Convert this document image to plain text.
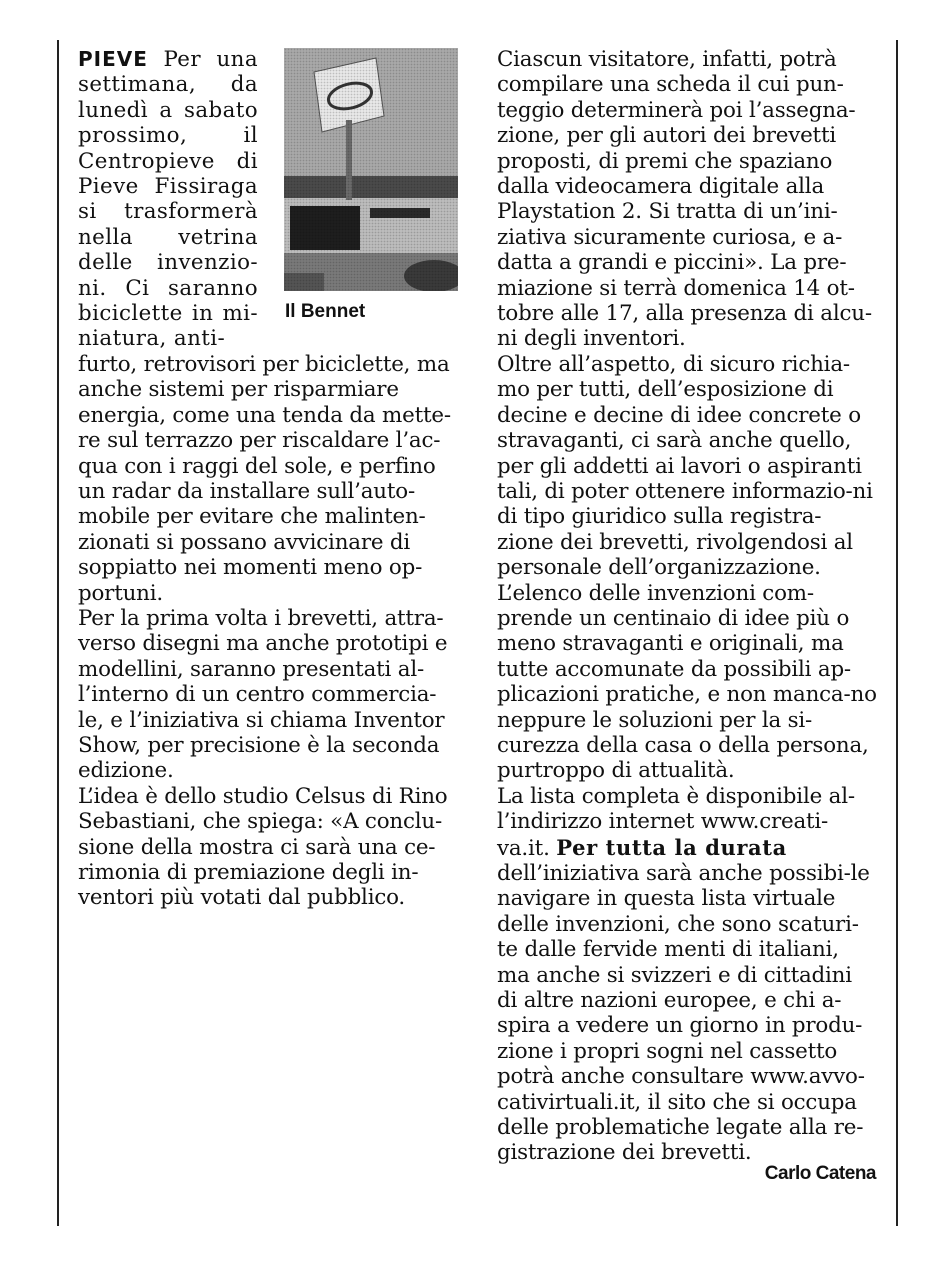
PIEVE Per una
settimana, da
lunedì a sabato
prossimo, il
Centropieve di
Pieve Fissiraga
si trasformerà
nella vetrina
delle invenzio-
ni. Ci saranno
biciclette in mi-
niatura, anti-

furto, retrovisori per biciclette, ma anche sistemi per risparmiare energia, come una tenda da mette-re sul terrazzo per riscaldare l’ac-qua con i raggi del sole, e perfino un radar da installare sull’auto-mobile per evitare che malinten-zionati si possano avvicinare di soppiatto nei momenti meno op-portuni.

Per la prima volta i brevetti, attra-verso disegni ma anche prototipi e modellini, saranno presentati al-l’interno di un centro commercia-le, e l’iniziativa si chiama Inventor Show, per precisione è la seconda edizione.

L’idea è dello studio Celsus di Rino Sebastiani, che spiega: «A conclu-sione della mostra ci sarà una ce-rimonia di premiazione degli in-ventori più votati dal pubblico.

Il Bennet

Ciascun visitatore, infatti, potrà compilare una scheda il cui pun-teggio determinerà poi l’assegna-zione, per gli autori dei brevetti proposti, di premi che spaziano dalla videocamera digitale alla Playstation 2. Si tratta di un’ini-ziativa sicuramente curiosa, e a-datta a grandi e piccini». La pre-miazione si terrà domenica 14 ot-tobre alle 17, alla presenza di alcu-ni degli inventori.

Oltre all’aspetto, di sicuro richia-mo per tutti, dell’esposizione di decine e decine di idee concrete o stravaganti, ci sarà anche quello, per gli addetti ai lavori o aspiranti tali, di poter ottenere informazio-ni di tipo giuridico sulla registra-zione dei brevetti, rivolgendosi al personale dell’organizzazione.

L’elenco delle invenzioni com-prende un centinaio di idee più o meno stravaganti e originali, ma tutte accomunate da possibili ap-plicazioni pratiche, e non manca-no neppure le soluzioni per la si-curezza della casa o della persona, purtroppo di attualità.

La lista completa è disponibile al-l’indirizzo internet www.creati-va.it. Per tutta la durata dell’iniziativa sarà anche possibi-le navigare in questa lista virtuale delle invenzioni, che sono scaturi-te dalle fervide menti di italiani, ma anche si svizzeri e di cittadini di altre nazioni europee, e chi a-spira a vedere un giorno in produ-zione i propri sogni nel cassetto potrà anche consultare www.avvo-cativirtuali.it, il sito che si occupa delle problematiche legate alla re-gistrazione dei brevetti.

Carlo Catena
